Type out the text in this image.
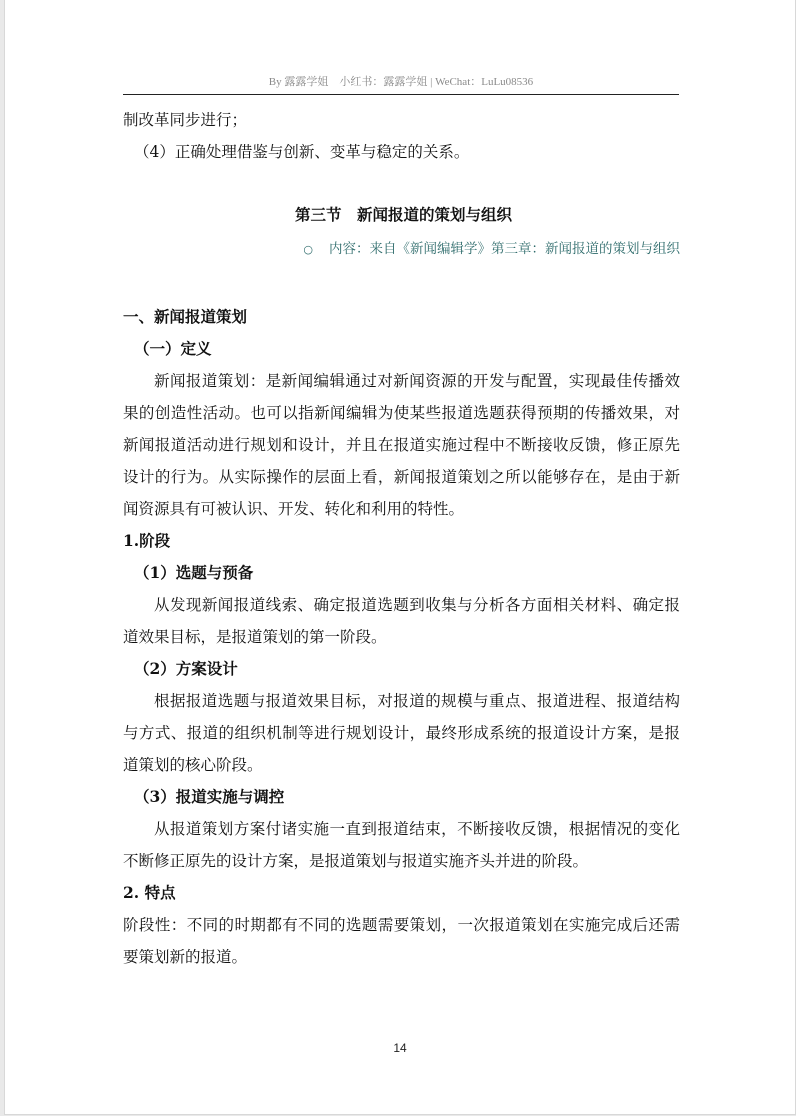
By 露露学姐　小红书：露露学姐 | WeChat：LuLu08536

制改革同步进行；

（4）正确处理借鉴与创新、变革与稳定的关系。

第三节　新闻报道的策划与组织
○ 内容：来自《新闻编辑学》第三章：新闻报道的策划与组织

一、新闻报道策划

（一）定义

新闻报道策划：是新闻编辑通过对新闻资源的开发与配置，实现最佳传播效果的创造性活动。也可以指新闻编辑为使某些报道选题获得预期的传播效果，对新闻报道活动进行规划和设计，并且在报道实施过程中不断接收反馈，修正原先设计的行为。从实际操作的层面上看，新闻报道策划之所以能够存在，是由于新闻资源具有可被认识、开发、转化和利用的特性。

1.阶段

（1）选题与预备

从发现新闻报道线索、确定报道选题到收集与分析各方面相关材料、确定报道效果目标，是报道策划的第一阶段。

（2）方案设计

根据报道选题与报道效果目标，对报道的规模与重点、报道进程、报道结构与方式、报道的组织机制等进行规划设计，最终形成系统的报道设计方案，是报道策划的核心阶段。

（3）报道实施与调控

从报道策划方案付诸实施一直到报道结束，不断接收反馈，根据情况的变化不断修正原先的设计方案，是报道策划与报道实施齐头并进的阶段。

2. 特点

阶段性：不同的时期都有不同的选题需要策划，一次报道策划在实施完成后还需要策划新的报道。

14
